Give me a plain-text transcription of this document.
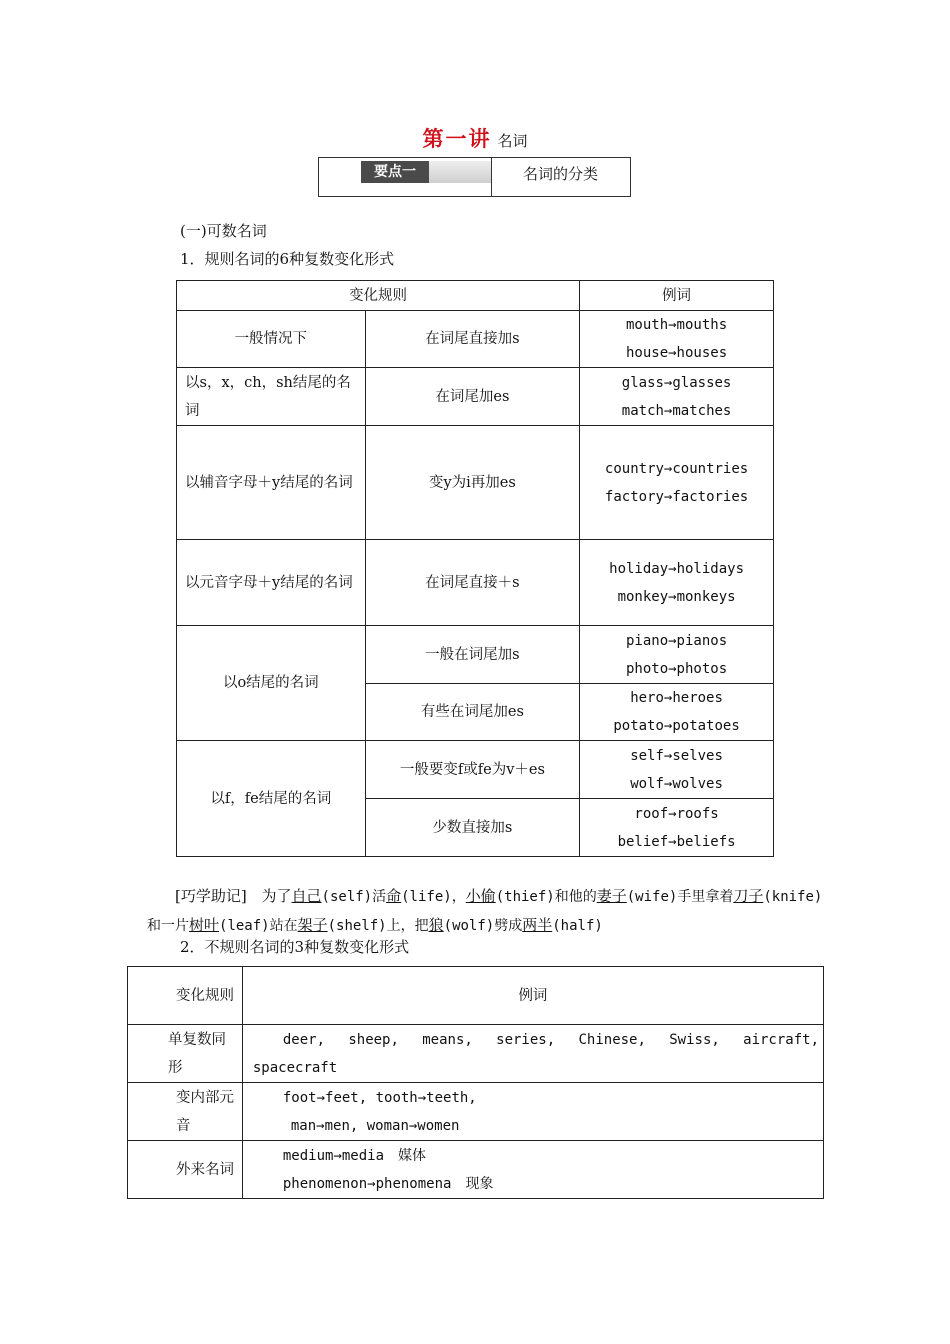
第一讲 名词
要点一	名词的分类
(一)可数名词
1．规则名词的6种复数变化形式
变化规则		例词
一般情况下	在词尾直接加s	mouth→mouths
house→houses

以s，x，ch，sh结尾的名词	在词尾加es	glass→glasses
match→matches

以辅音字母＋y结尾的名词	变y为i再加es	country→countries
factory→factories

以元音字母＋y结尾的名词	在词尾直接＋s	holiday→holidays
monkey→monkeys

以o结尾的名词	一般在词尾加s	piano→pianos
photo→photos

	有些在词尾加es	hero→heroes
potato→potatoes

以f，fe结尾的名词	一般要变f或fe为v＋es	self→selves
wolf→wolves

	少数直接加s	roof→roofs
belief→beliefs
[巧学助记] 为了自己(self)活命(life)，小偷(thief)和他的妻子(wife)手里拿着刀子(knife)和一片树叶(leaf)站在架子(shelf)上，把狼(wolf)劈成两半(half)
2．不规则名词的3种复数变化形式
变化规则	例词
单复数同形	deer,　sheep,　means,　series,　Chinese,　Swiss,　aircraft,
spacecraft

变内部元音	foot→feet, tooth→teeth,
man→men, woman→women

外来名词	medium→media 媒体
phenomenon→phenomena 现象
